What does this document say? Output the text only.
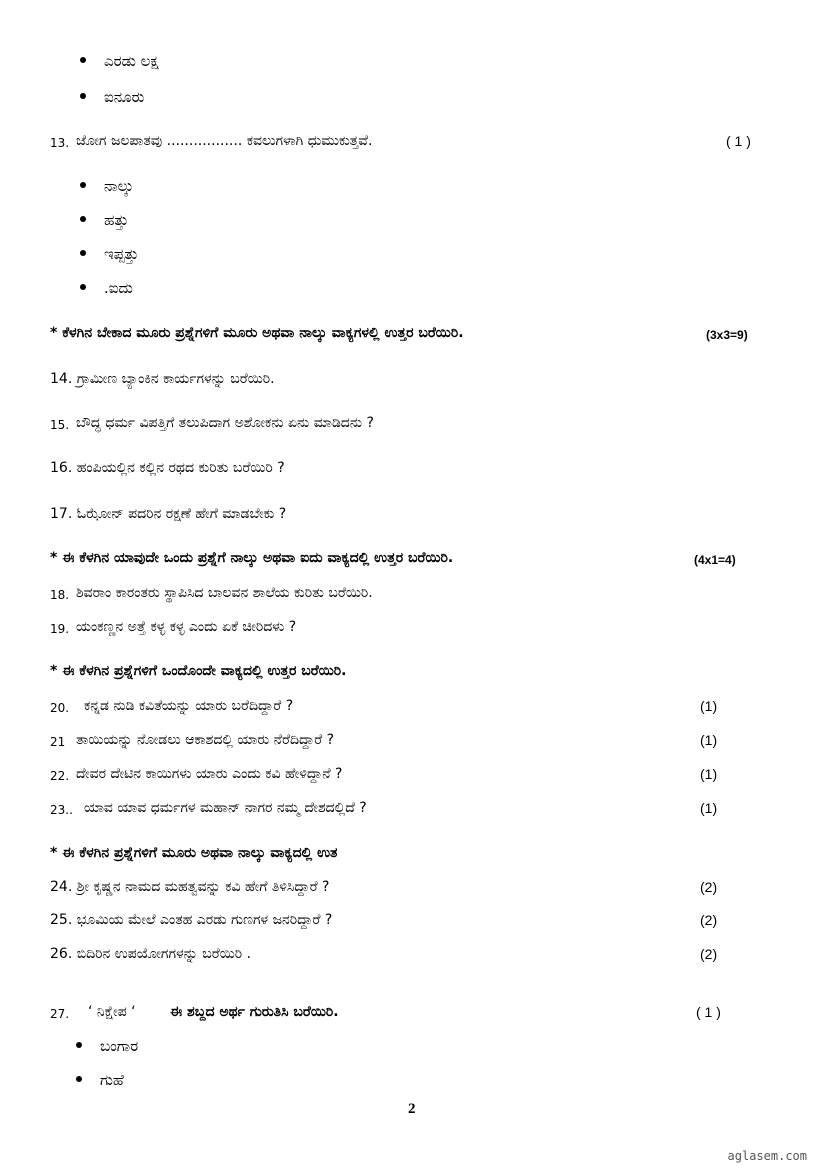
ಎರಡು ಲಕ್ಷ
ಐನೂರು
13. ಜೋಗ ಜಲಪಾತವು ................. ಕವಲುಗಳಾಗಿ ಧುಮುಕುತ್ತವೆ.	( 1 )
ನಾಲ್ಕು
ಹತ್ತು
ಇಪ್ಪತ್ತು
.ಐದು
* ಕೆಳಗಿನ ಬೇಕಾದ ಮೂರು ಪ್ರಶ್ನೆಗಳಿಗೆ ಮೂರು ಅಥವಾ ನಾಲ್ಕು ವಾಕ್ಯಗಳಲ್ಲಿ ಉತ್ತರ ಬರೆಯಿರಿ.	(3x3=9)
14. ಗ್ರಾಮೀಣ ಬ್ಯಾಂಕಿನ ಕಾರ್ಯಗಳನ್ನು ಬರೆಯಿರಿ.
15. ಬೌದ್ಧ ಧರ್ಮ ವಿಪತ್ತಿಗೆ ತಲುಪಿದಾಗ ಅಶೋಕನು ಏನು ಮಾಡಿದನು ?
16. ಹಂಪಿಯಲ್ಲಿನ ಕಲ್ಲಿನ ರಥದ ಕುರಿತು ಬರೆಯಿರಿ ?
17. ಓಝೋನ್ ಪದರಿನ ರಕ್ಷಣೆ ಹೇಗೆ ಮಾಡಬೇಕು ?
* ಈ ಕೆಳಗಿನ ಯಾವುದೇ ಒಂದು ಪ್ರಶ್ನೆಗೆ ನಾಲ್ಕು ಅಥವಾ ಐದು ವಾಕ್ಯದಲ್ಲಿ ಉತ್ತರ ಬರೆಯಿರಿ.	(4x1=4)
18. ಶಿವರಾಂ ಕಾರಂತರು ಸ್ಥಾಪಿಸಿದ ಬಾಲವನ ಶಾಲೆಯ ಕುರಿತು ಬರೆಯಿರಿ.
19. ಯಂಕಣ್ಣನ ಅತ್ತೆ ಕಳ್ಳ ಕಳ್ಳ ಎಂದು ಏಕೆ ಚೀರಿದಳು ?
* ಈ ಕೆಳಗಿನ ಪ್ರಶ್ನೆಗಳಿಗೆ ಒಂದೊಂದೇ ವಾಕ್ಯದಲ್ಲಿ ಉತ್ತರ ಬರೆಯಿರಿ.
20. ಕನ್ನಡ ನುಡಿ ಕವಿತೆಯನ್ನು ಯಾರು ಬರೆದಿದ್ದಾರೆ ?	(1)
21 ತಾಯಿಯನ್ನು ನೋಡಲು ಆಕಾಶದಲ್ಲಿ ಯಾರು ನೆರೆದಿದ್ದಾರೆ ?	(1)
22. ದೇವರ ದೇಟಿನ ಕಾಯಿಗಳು ಯಾರು ಎಂದು ಕವಿ ಹೇಳಿದ್ದಾನೆ ?	(1)
23.. ಯಾವ ಯಾವ ಧರ್ಮಗಳ ಮಹಾನ್ ನಾಗರ ನಮ್ಮ ದೇಶದಲ್ಲಿದೆ ?	(1)
* ಈ ಕೆಳಗಿನ ಪ್ರಶ್ನೆಗಳಿಗೆ ಮೂರು ಅಥವಾ ನಾಲ್ಕು ವಾಕ್ಯದಲ್ಲಿ ಉತ
24. ಶ್ರೀ ಕೃಷ್ಣನ ನಾಮದ ಮಹತ್ವವನ್ನು ಕವಿ ಹೇಗೆ ತಿಳಿಸಿದ್ದಾರೆ ?	(2)
25. ಭೂಮಿಯ ಮೇಲೆ ಎಂತಹ ಎರಡು ಗುಣಗಳ ಜನರಿದ್ದಾರೆ ?	(2)
26. ಬಿದಿರಿನ ಉಪಯೋಗಗಳನ್ನು ಬರೆಯಿರಿ .	(2)
27. ‘ ನಿಕ್ಷೇಪ ‘ ಈ ಶಬ್ದದ ಅರ್ಥ ಗುರುತಿಸಿ ಬರೆಯಿರಿ.	( 1 )
ಬಂಗಾರ
ಗುಹೆ
2
aglasem.com
